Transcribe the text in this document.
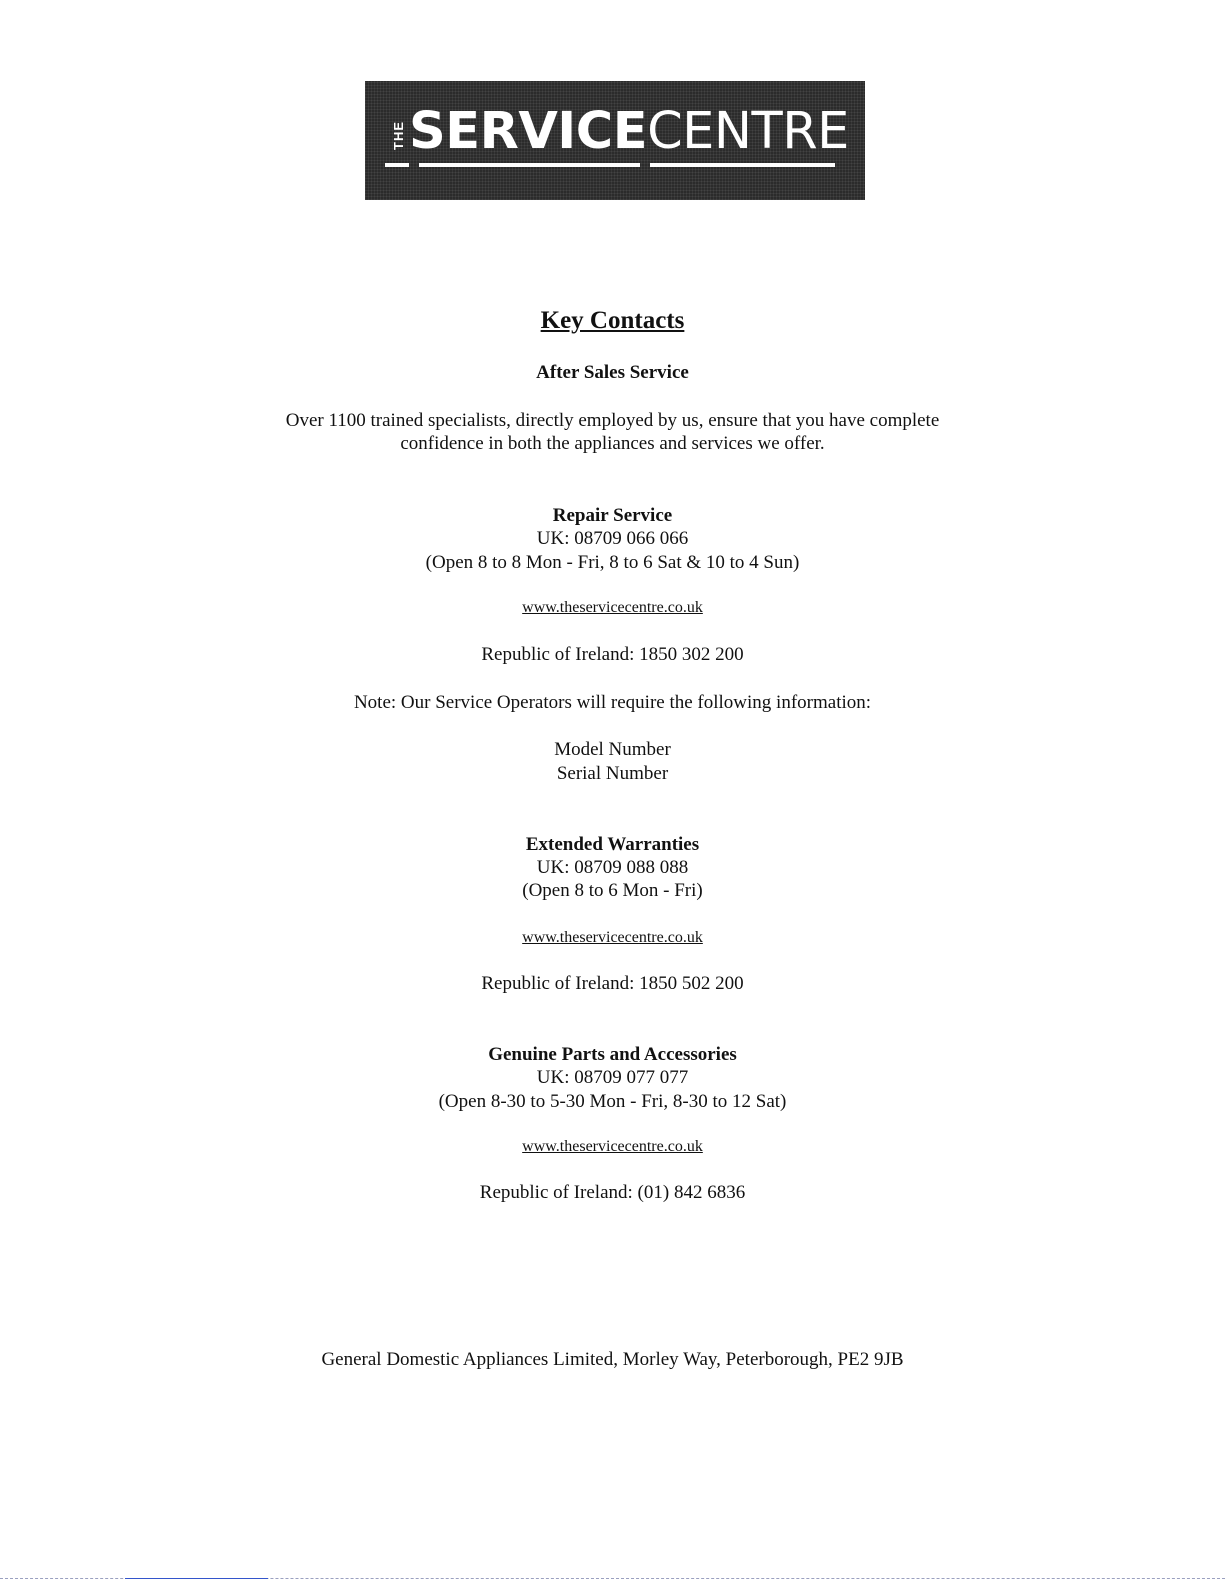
THE SERVICECENTRE
Key Contacts
After Sales Service
Over 1100 trained specialists, directly employed by us, ensure that you have complete
confidence in both the appliances and services we offer.
Repair Service
UK: 08709 066 066
(Open 8 to 8 Mon - Fri, 8 to 6 Sat & 10 to 4 Sun)
www.theservicecentre.co.uk
Republic of Ireland: 1850 302 200
Note: Our Service Operators will require the following information:
Model Number
Serial Number
Extended Warranties
UK: 08709 088 088
(Open 8 to 6 Mon - Fri)
www.theservicecentre.co.uk
Republic of Ireland: 1850 502 200
Genuine Parts and Accessories
UK: 08709 077 077
(Open 8-30 to 5-30 Mon - Fri, 8-30 to 12 Sat)
www.theservicecentre.co.uk
Republic of Ireland: (01) 842 6836
General Domestic Appliances Limited, Morley Way, Peterborough, PE2 9JB
